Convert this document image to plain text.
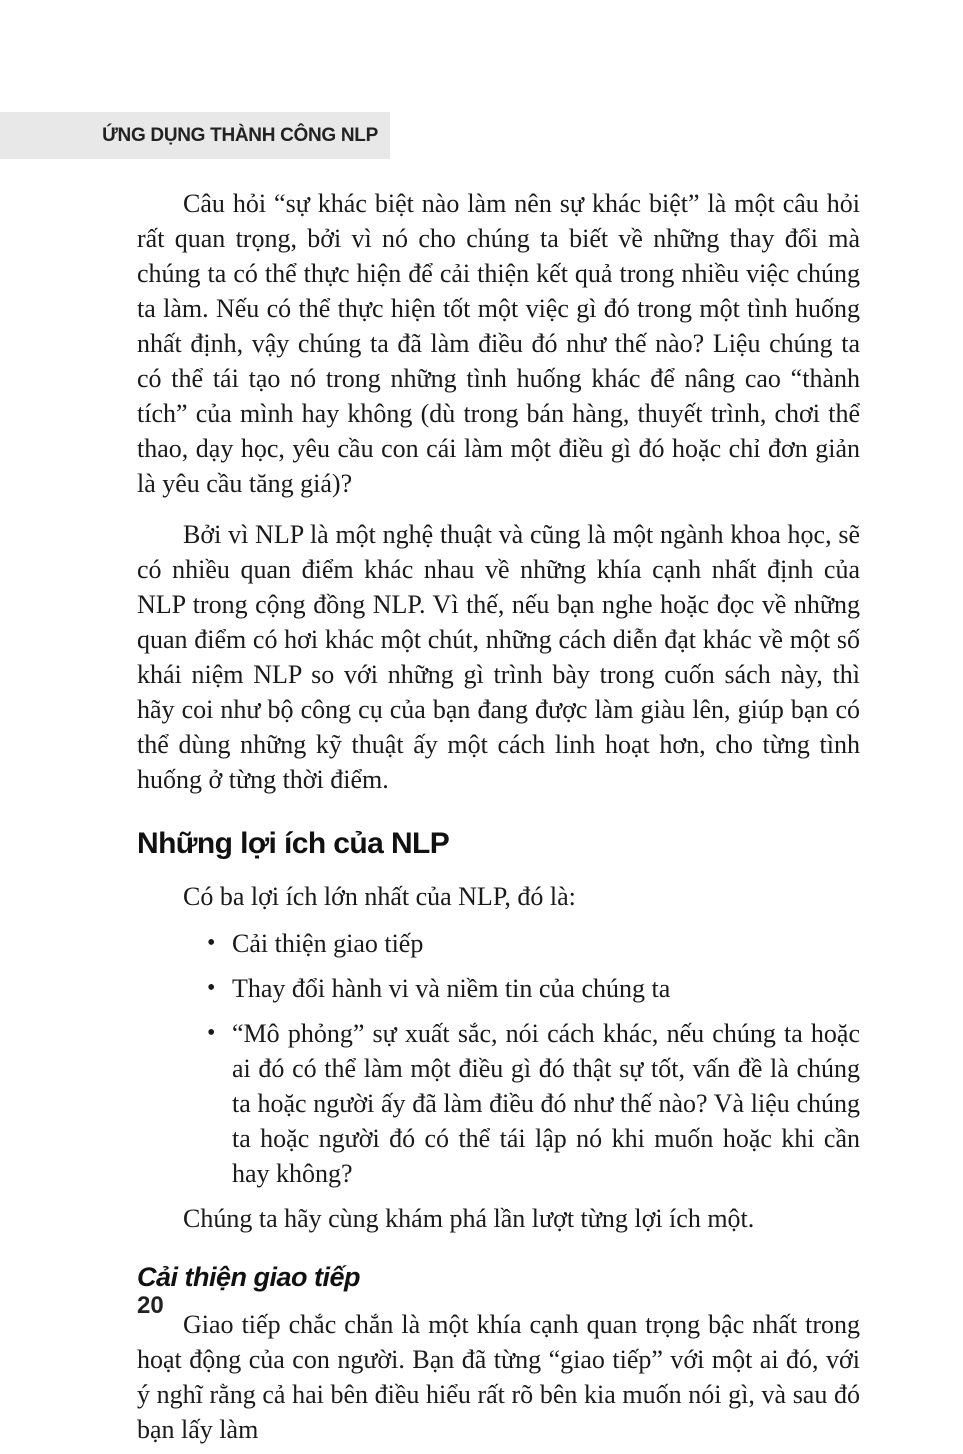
ỨNG DỤNG THÀNH CÔNG NLP

Câu hỏi “sự khác biệt nào làm nên sự khác biệt” là một câu hỏi rất quan trọng, bởi vì nó cho chúng ta biết về những thay đổi mà chúng ta có thể thực hiện để cải thiện kết quả trong nhiều việc chúng ta làm. Nếu có thể thực hiện tốt một việc gì đó trong một tình huống nhất định, vậy chúng ta đã làm điều đó như thế nào? Liệu chúng ta có thể tái tạo nó trong những tình huống khác để nâng cao “thành tích” của mình hay không (dù trong bán hàng, thuyết trình, chơi thể thao, dạy học, yêu cầu con cái làm một điều gì đó hoặc chỉ đơn giản là yêu cầu tăng giá)?

Bởi vì NLP là một nghệ thuật và cũng là một ngành khoa học, sẽ có nhiều quan điểm khác nhau về những khía cạnh nhất định của NLP trong cộng đồng NLP. Vì thế, nếu bạn nghe hoặc đọc về những quan điểm có hơi khác một chút, những cách diễn đạt khác về một số khái niệm NLP so với những gì trình bày trong cuốn sách này, thì hãy coi như bộ công cụ của bạn đang được làm giàu lên, giúp bạn có thể dùng những kỹ thuật ấy một cách linh hoạt hơn, cho từng tình huống ở từng thời điểm.

Những lợi ích của NLP

Có ba lợi ích lớn nhất của NLP, đó là:

• Cải thiện giao tiếp
• Thay đổi hành vi và niềm tin của chúng ta
• “Mô phỏng” sự xuất sắc, nói cách khác, nếu chúng ta hoặc ai đó có thể làm một điều gì đó thật sự tốt, vấn đề là chúng ta hoặc người ấy đã làm điều đó như thế nào? Và liệu chúng ta hoặc người đó có thể tái lập nó khi muốn hoặc khi cần hay không?

Chúng ta hãy cùng khám phá lần lượt từng lợi ích một.

Cải thiện giao tiếp

Giao tiếp chắc chắn là một khía cạnh quan trọng bậc nhất trong hoạt động của con người. Bạn đã từng “giao tiếp” với một ai đó, với ý nghĩ rằng cả hai bên điều hiểu rất rõ bên kia muốn nói gì, và sau đó bạn lấy làm

20
